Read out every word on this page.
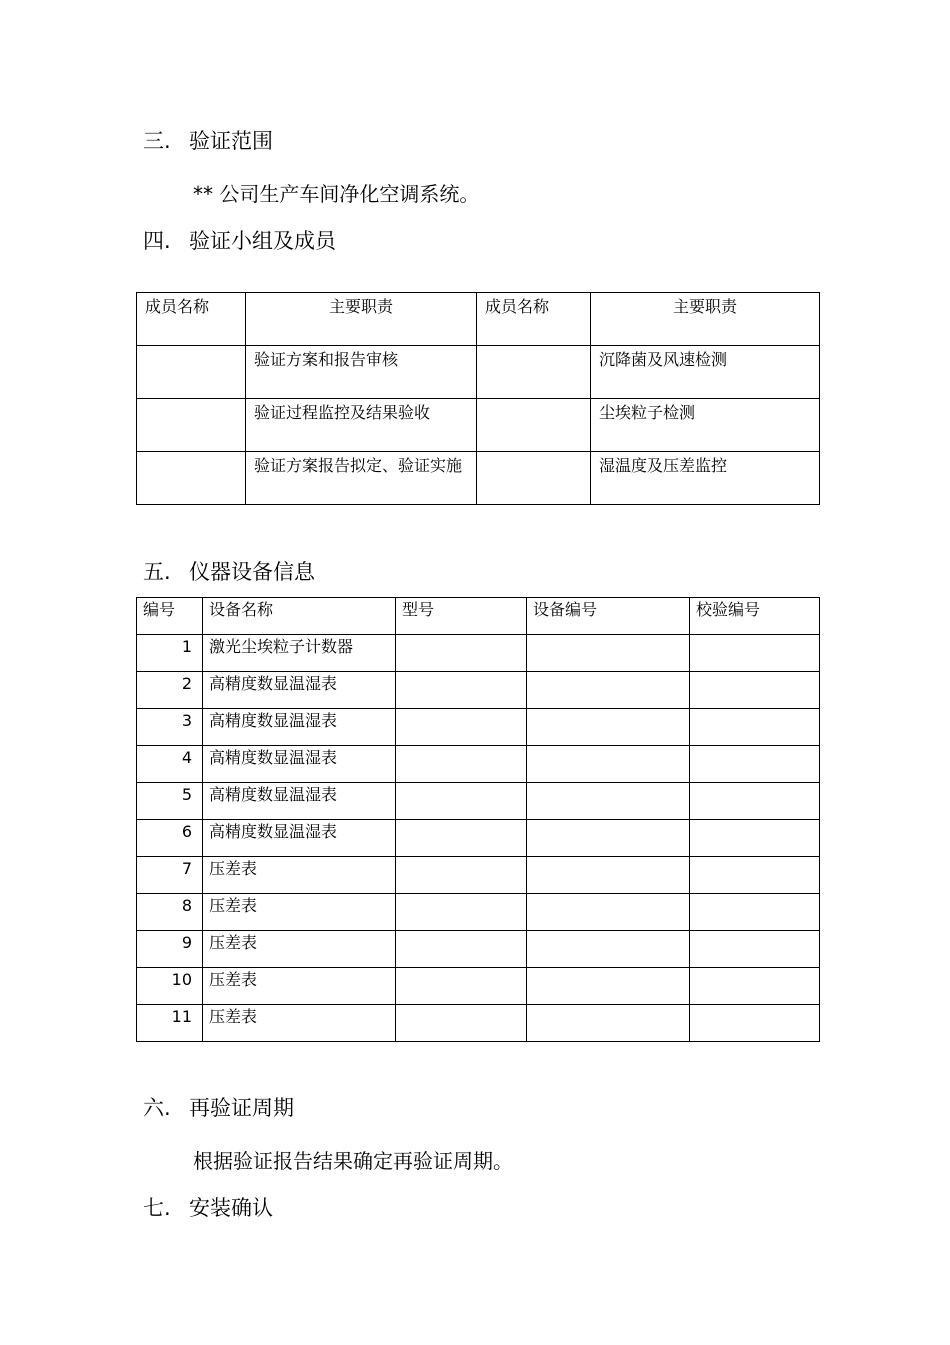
三. 验证范围
** 公司生产车间净化空调系统。
四. 验证小组及成员
成员名称	主要职责	成员名称	主要职责
	验证方案和报告审核		沉降菌及风速检测
	验证过程监控及结果验收		尘埃粒子检测
	验证方案报告拟定、验证实施		湿温度及压差监控
五. 仪器设备信息
编号	设备名称	型号	设备编号	校验编号
1	激光尘埃粒子计数器			
2	高精度数显温湿表			
3	高精度数显温湿表			
4	高精度数显温湿表			
5	高精度数显温湿表			
6	高精度数显温湿表			
7	压差表			
8	压差表			
9	压差表			
10	压差表			
11	压差表			
六. 再验证周期
根据验证报告结果确定再验证周期。
七. 安装确认
